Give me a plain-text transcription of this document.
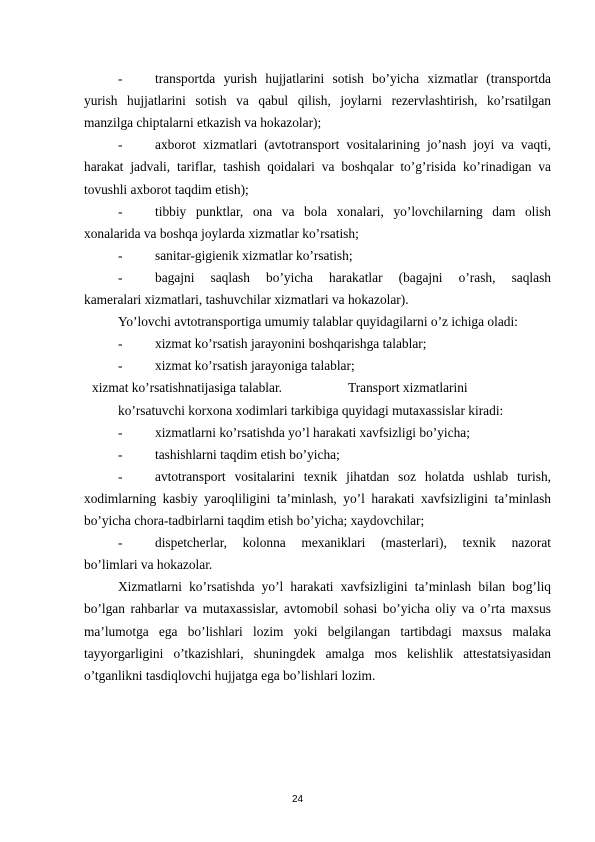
- transportda yurish hujjatlarini sotish bo’yicha xizmatlar (transportda
yurish hujjatlarini sotish va qabul qilish, joylarni rezervlashtirish, ko’rsatilgan
manzilga chiptalarni etkazish va hokazolar);
- axborot xizmatlari (avtotransport vositalarining jo’nash joyi va vaqti,
harakat jadvali, tariflar, tashish qoidalari va boshqalar to’g’risida ko’rinadigan va
tovushli axborot taqdim etish);
- tibbiy punktlar, ona va bola xonalari, yo’lovchilarning dam olish
xonalarida va boshqa joylarda xizmatlar ko’rsatish;
- sanitar-gigienik xizmatlar ko’rsatish;
- bagajni saqlash bo’yicha harakatlar (bagajni o’rash, saqlash
kameralari xizmatlari, tashuvchilar xizmatlari va hokazolar).
Yo’lovchi avtotransportiga umumiy talablar quyidagilarni o’z ichiga oladi:
- xizmat ko’rsatish jarayonini boshqarishga talablar;
- xizmat ko’rsatish jarayoniga talablar;
xizmat ko’rsatishnatijasiga talablar.	Transport xizmatlarini
ko’rsatuvchi korxona xodimlari tarkibiga quyidagi mutaxassislar kiradi:
- xizmatlarni ko’rsatishda yo’l harakati xavfsizligi bo’yicha;
- tashishlarni taqdim etish bo’yicha;
- avtotransport vositalarini texnik jihatdan soz holatda ushlab turish,
xodimlarning kasbiy yaroqliligini ta’minlash, yo’l harakati xavfsizligini ta’minlash
bo’yicha chora-tadbirlarni taqdim etish bo’yicha; xaydovchilar;
- dispetcherlar, kolonna mexaniklari (masterlari), texnik nazorat
bo’limlari va hokazolar.
Xizmatlarni ko’rsatishda yo’l harakati xavfsizligini ta’minlash bilan bog’liq
bo’lgan rahbarlar va mutaxassislar, avtomobil sohasi bo’yicha oliy va o’rta maxsus
ma’lumotga ega bo’lishlari lozim yoki belgilangan tartibdagi maxsus malaka
tayyorgarligini o’tkazishlari, shuningdek amalga mos kelishlik attestatsiyasidan
o’tganlikni tasdiqlovchi hujjatga ega bo’lishlari lozim.
24
